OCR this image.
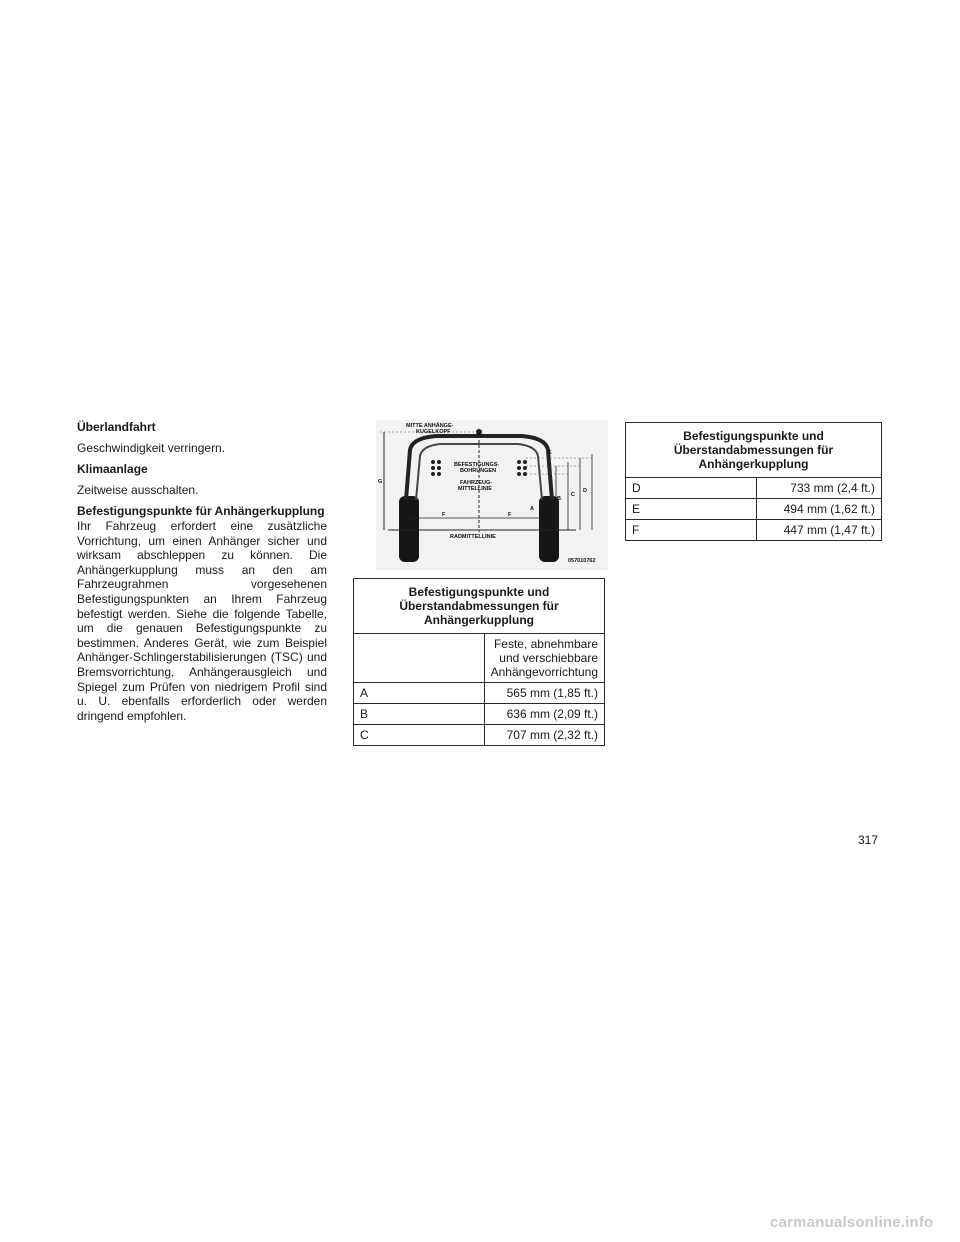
Überlandfahrt
Geschwindigkeit verringern.
Klimaanlage
Zeitweise ausschalten.
Befestigungspunkte für Anhängerkupplung
Ihr Fahrzeug erfordert eine zusätzliche Vorrichtung, um einen Anhänger sicher und wirksam abschleppen zu können. Die Anhängerkupplung muss an den am Fahrzeugrahmen vorgesehenen Befestigungspunkten an Ihrem Fahrzeug befestigt werden. Siehe die folgende Tabelle, um die genauen Befestigungspunkte zu bestimmen. Anderes Gerät, wie zum Beispiel Anhänger-Schlingerstabilisierungen (TSC) und Bremsvorrichtung, Anhängerausgleich und Spiegel zum Prüfen von niedrigem Profil sind u. U. ebenfalls erforderlich oder werden dringend empfohlen.
MITTE ANHÄNGE-
KUGELKOPF
BEFESTIGUNGS-
BOHRUNGEN
FAHRZEUG-
MITTELLINIE
RADMITTELLINIE
057010762
G
F	F
A
B
C
D
E
Befestigungspunkte und Überstandabmessungen für Anhängerkupplung	
	Feste, abnehmbare und verschiebbare Anhängevorrichtung
A	565 mm (1,85 ft.)
B	636 mm (2,09 ft.)
C	707 mm (2,32 ft.)
Befestigungspunkte und Überstandabmessungen für Anhängerkupplung	
D	733 mm (2,4 ft.)
E	494 mm (1,62 ft.)
F	447 mm (1,47 ft.)
317
carmanualsonline.info
